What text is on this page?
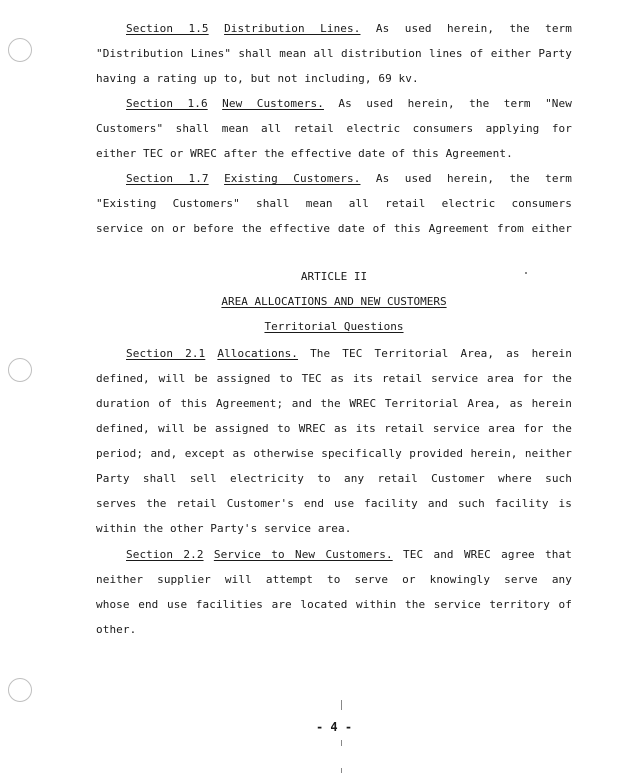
Section 1.5 Distribution Lines. As used herein, the term
"Distribution Lines" shall mean all distribution lines of either Party
having a rating up to, but not including, 69 kv.
Section 1.6 New Customers. As used herein, the term "New
Customers" shall mean all retail electric consumers applying for
either TEC or WREC after the effective date of this Agreement.
Section 1.7 Existing Customers. As used herein, the term
"Existing Customers" shall mean all retail electric consumers
service on or before the effective date of this Agreement from either
ARTICLE II
AREA ALLOCATIONS AND NEW CUSTOMERS
Territorial Questions
Section 2.1 Allocations. The TEC Territorial Area, as herein
defined, will be assigned to TEC as its retail service area for the
duration of this Agreement; and the WREC Territorial Area, as herein
defined, will be assigned to WREC as its retail service area for the
period; and, except as otherwise specifically provided herein, neither
Party shall sell electricity to any retail Customer where such
serves the retail Customer's end use facility and such facility is
within the other Party's service area.
Section 2.2 Service to New Customers. TEC and WREC agree that
neither supplier will attempt to serve or knowingly serve any
whose end use facilities are located within the service territory of
other.
- 4 -
